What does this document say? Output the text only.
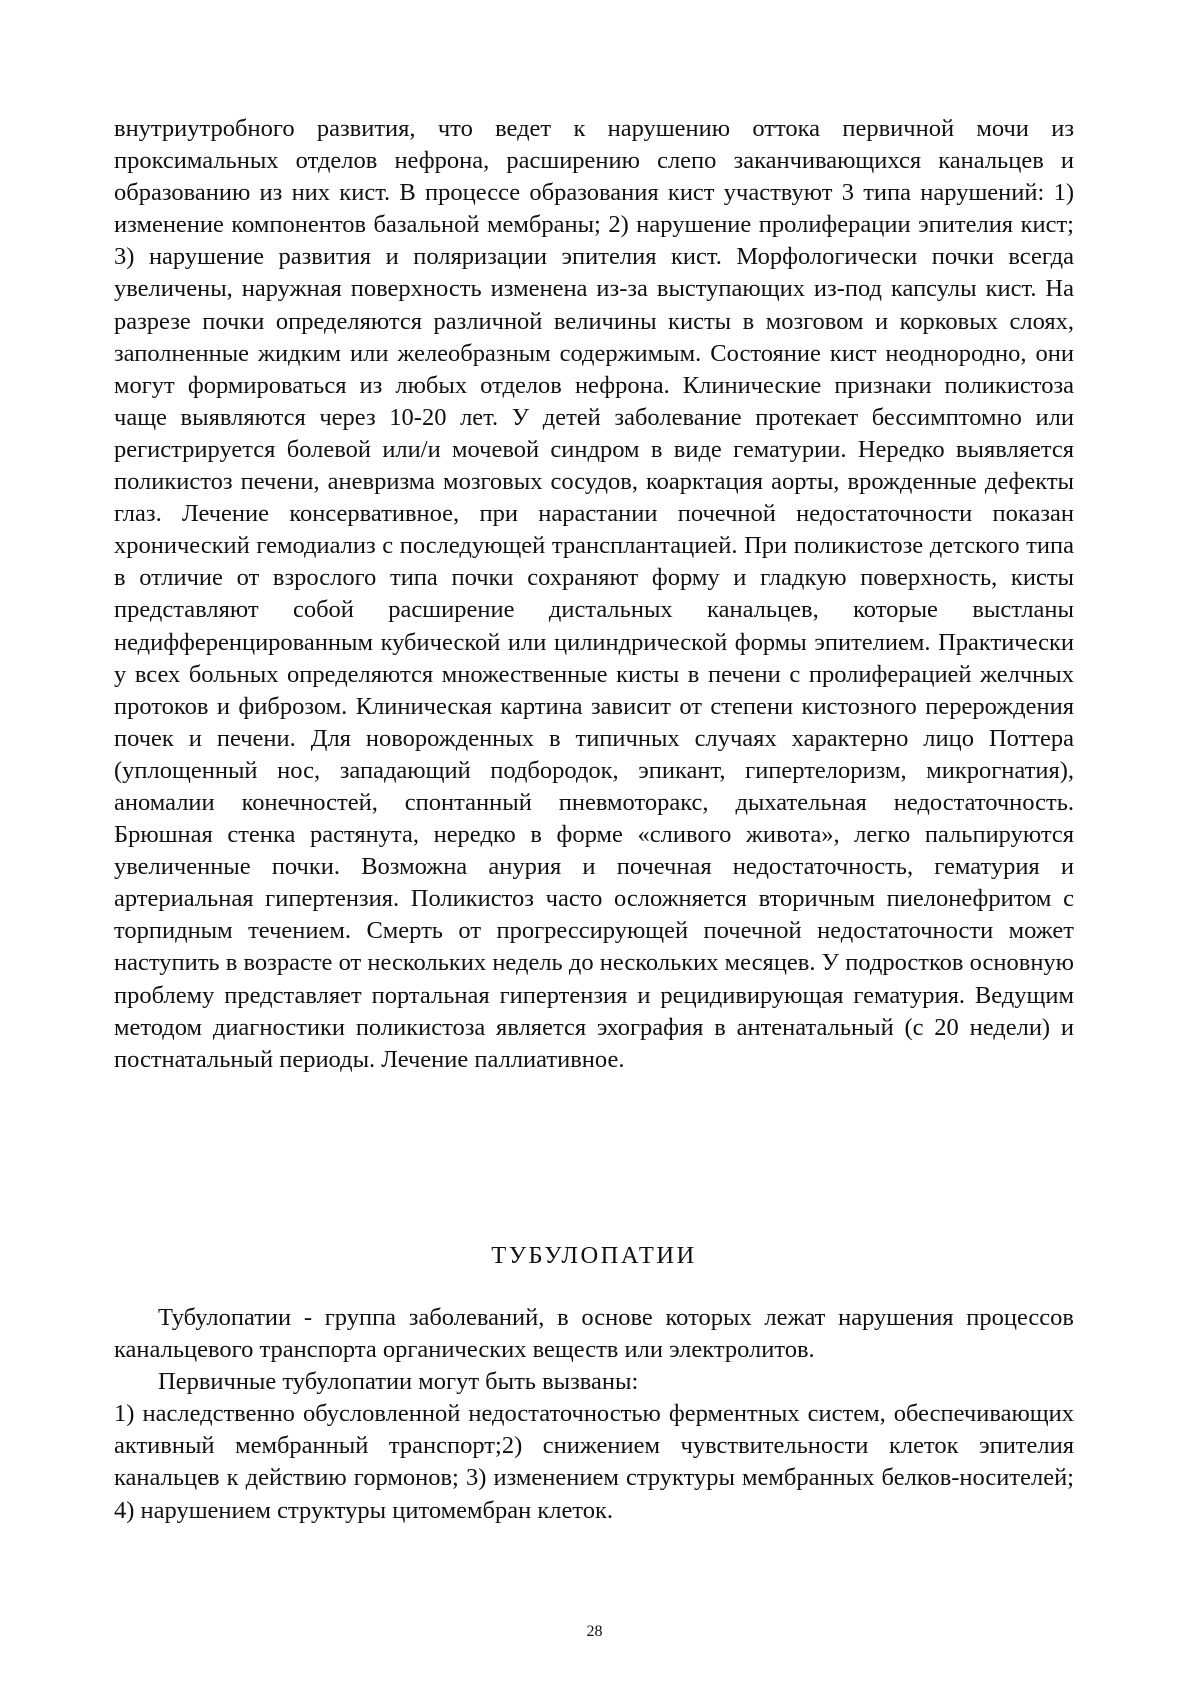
внутриутробного развития, что ведет к нарушению оттока первичной мочи из проксимальных отделов нефрона, расширению слепо заканчивающихся канальцев и образованию из них кист. В процессе образования кист участвуют 3 типа нарушений: 1) изменение компонентов базальной мембраны; 2) нарушение пролиферации эпителия кист; 3) нарушение развития и поляризации эпителия кист. Морфологически почки всегда увеличены, наружная поверхность изменена из-за выступающих из-под капсулы кист. На разрезе почки определяются различной величины кисты в мозговом и корковых слоях, заполненные жидким или желеобразным содержимым. Состояние кист неоднородно, они могут формироваться из любых отделов нефрона. Клинические признаки поликистоза чаще выявляются через 10-20 лет. У детей заболевание протекает бессимптомно или регистрируется болевой или/и мочевой синдром в виде гематурии. Нередко выявляется поликистоз печени, аневризма мозговых сосудов, коарктация аорты, врожденные дефекты глаз. Лечение консервативное, при нарастании почечной недостаточности показан хронический гемодиализ с последующей трансплантацией. При поликистозе детского типа в отличие от взрослого типа почки сохраняют форму и гладкую поверхность, кисты представляют собой расширение дистальных канальцев, которые выстланы недифференцированным кубической или цилиндрической формы эпителием. Практически у всех больных определяются множественные кисты в печени с пролиферацией желчных протоков и фиброзом. Клиническая картина зависит от степени кистозного перерождения почек и печени. Для новорожденных в типичных случаях характерно лицо Поттера (уплощенный нос, западающий подбородок, эпикант, гипертелоризм, микрогнатия), аномалии конечностей, спонтанный пневмоторакс, дыхательная недостаточность. Брюшная стенка растянута, нередко в форме «сливого живота», легко пальпируются увеличенные почки. Возможна анурия и почечная недостаточность, гематурия и артериальная гипертензия. Поликистоз часто осложняется вторичным пиелонефритом с торпидным течением. Смерть от прогрессирующей почечной недостаточности может наступить в возрасте от нескольких недель до нескольких месяцев. У подростков основную проблему представляет портальная гипертензия и рецидивирующая гематурия. Ведущим методом диагностики поликистоза является эхография в антенатальный (с 20 недели) и постнатальный периоды. Лечение паллиативное.

ТУБУЛОПАТИИ

Тубулопатии - группа заболеваний, в основе которых лежат нарушения процессов канальцевого транспорта органических веществ или электролитов.

Первичные тубулопатии могут быть вызваны:

1) наследственно обусловленной недостаточностью ферментных систем, обеспечивающих активный мембранный транспорт;2) снижением чувствительности клеток эпителия канальцев к действию гормонов; 3) изменением структуры мембранных белков-носителей; 4) нарушением структуры цитомембран клеток.

28
